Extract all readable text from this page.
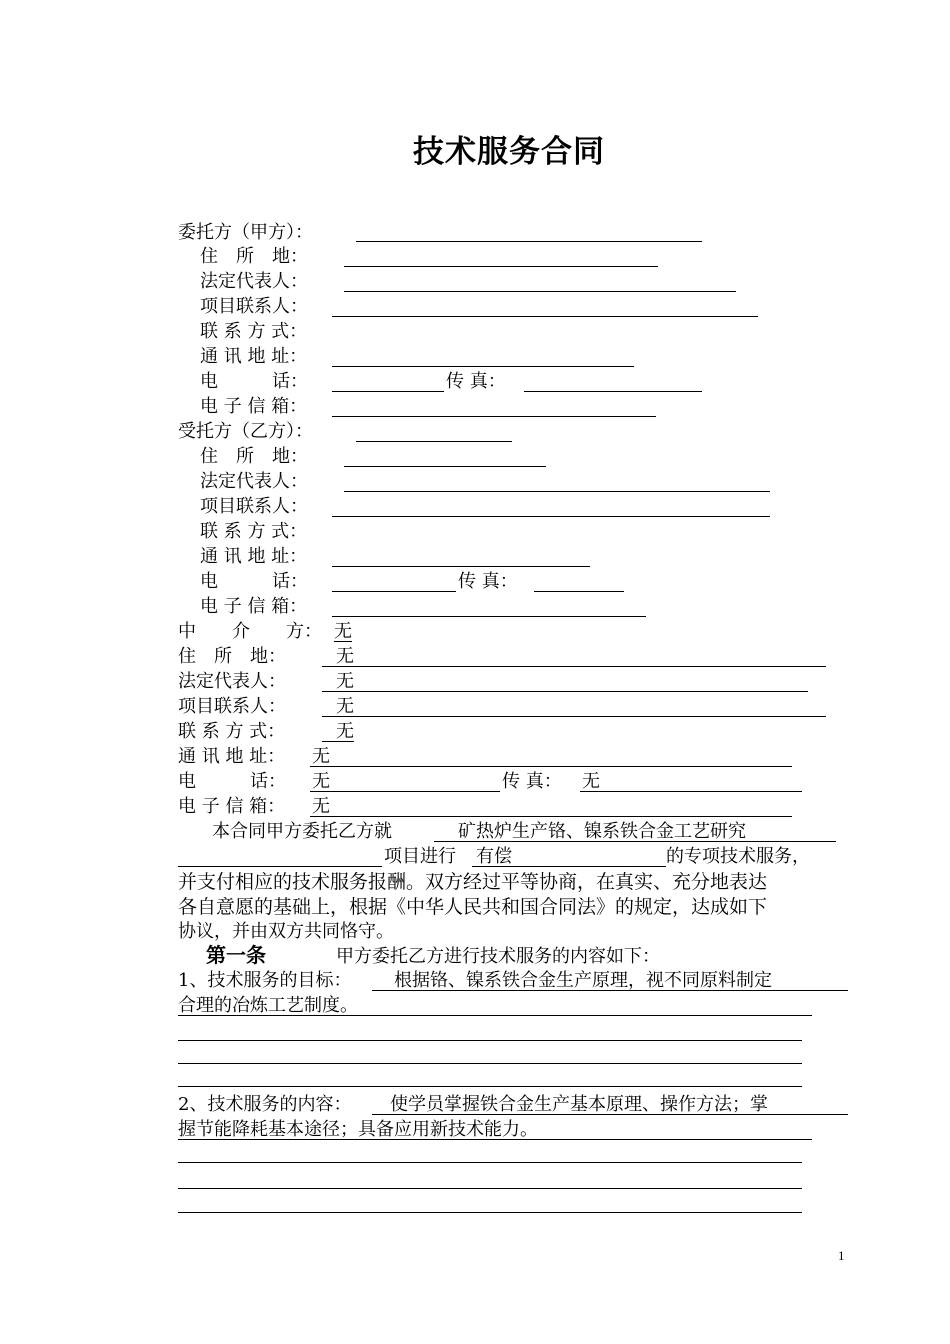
技术服务合同
委托方（甲方）：
住　所　地：
法定代表人：
项目联系人：
联 系 方 式：
通 讯 地 址：
电　　　话：	传 真：
电 子 信 箱：
受托方（乙方）：
住　所　地：
法定代表人：
项目联系人：
联 系 方 式：
通 讯 地 址：
电　　　话：	传 真：
电 子 信 箱：
中　　介　　方： 无
住　所　地：	无
法定代表人：	无
项目联系人：	无
联 系 方 式：	无
通 讯 地 址： 无
电　　　话： 无	传 真： 无
电 子 信 箱： 无
本合同甲方委托乙方就	矿热炉生产铬、镍系铁合金工艺研究
项目进行 有偿	的专项技术服务，
并支付相应的技术服务报酬。双方经过平等协商，在真实、充分地表达
各自意愿的基础上，根据《中华人民共和国合同法》的规定，达成如下
协议，并由双方共同恪守。
第一条	甲方委托乙方进行技术服务的内容如下：
1、技术服务的目标： 根据铬、镍系铁合金生产原理，视不同原料制定
合理的冶炼工艺制度。
2、技术服务的内容： 使学员掌握铁合金生产基本原理、操作方法；掌
握节能降耗基本途径；具备应用新技术能力。
1
